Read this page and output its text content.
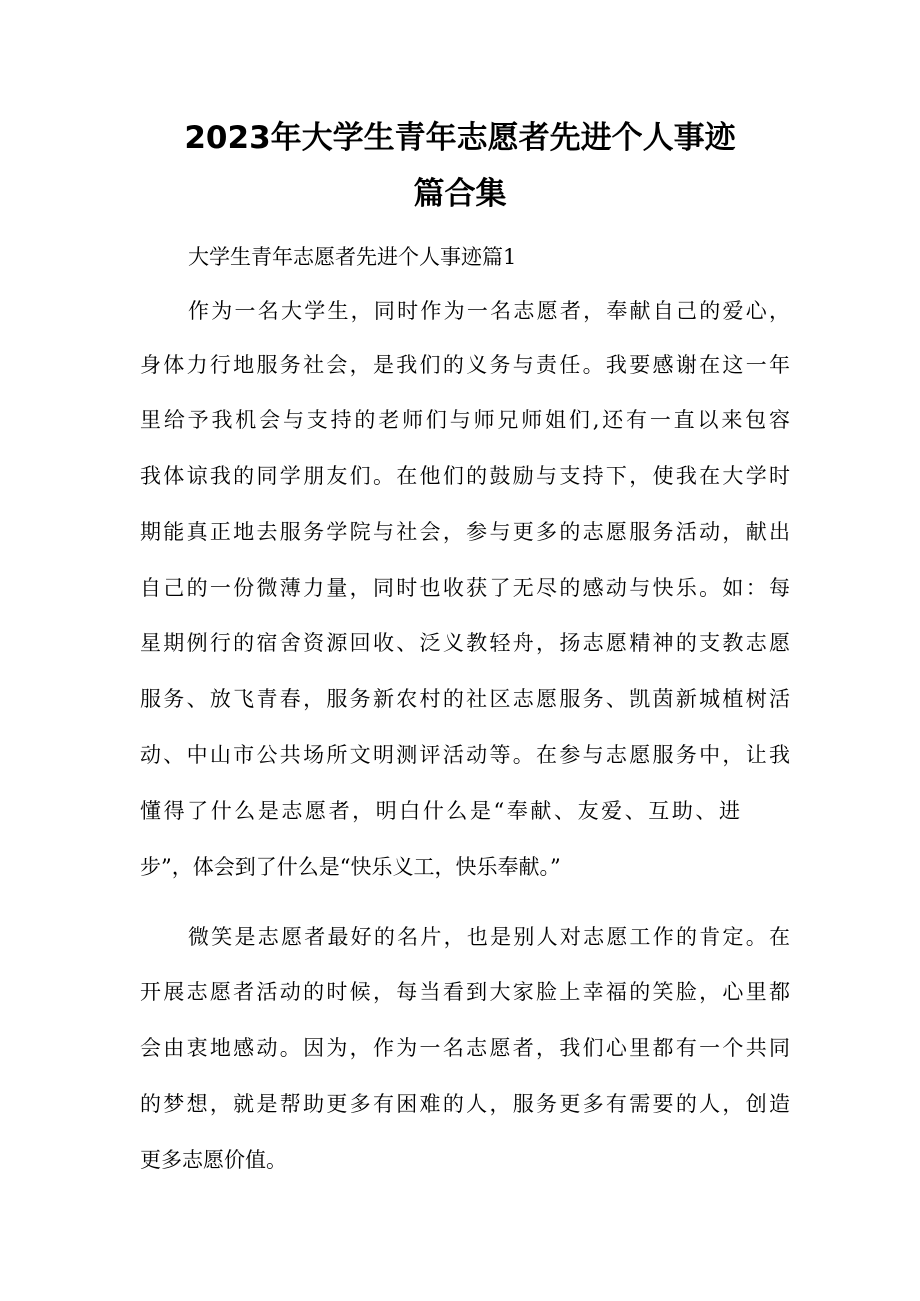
2023年大学生青年志愿者先进个人事迹
篇合集
大学生青年志愿者先进个人事迹篇1
作为一名大学生，同时作为一名志愿者，奉献自己的爱心，
身体力行地服务社会，是我们的义务与责任。我要感谢在这一年
里给予我机会与支持的老师们与师兄师姐们,还有一直以来包容
我体谅我的同学朋友们。在他们的鼓励与支持下，使我在大学时
期能真正地去服务学院与社会，参与更多的志愿服务活动，献出
自己的一份微薄力量，同时也收获了无尽的感动与快乐。如：每
星期例行的宿舍资源回收、泛义教轻舟，扬志愿精神的支教志愿
服务、放飞青春，服务新农村的社区志愿服务、凯茵新城植树活
动、中山市公共场所文明测评活动等。在参与志愿服务中，让我
懂得了什么是志愿者，明白什么是“奉献、友爱、互助、进
步”，体会到了什么是“快乐义工，快乐奉献。”
微笑是志愿者最好的名片，也是别人对志愿工作的肯定。在
开展志愿者活动的时候，每当看到大家脸上幸福的笑脸，心里都
会由衷地感动。因为，作为一名志愿者，我们心里都有一个共同
的梦想，就是帮助更多有困难的人，服务更多有需要的人，创造
更多志愿价值。
